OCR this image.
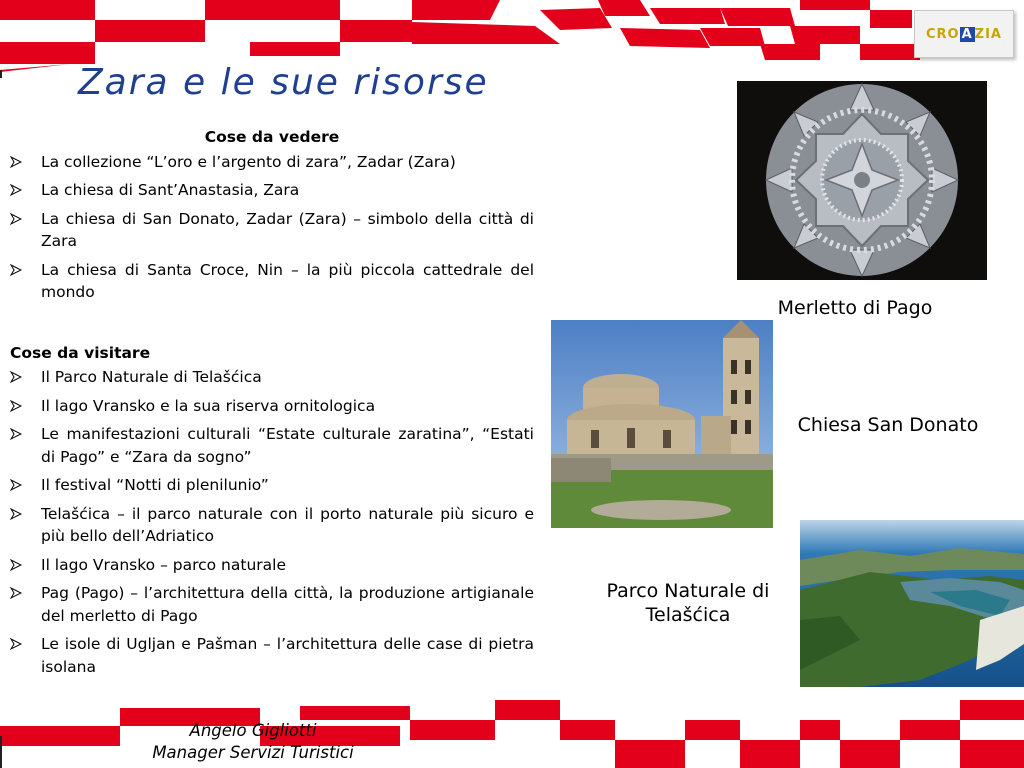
CRO A ZIA
Zara e le sue risorse

Cose da vedere

La collezione “L’oro e l’argento di zara”, Zadar (Zara)
La chiesa di Sant’Anastasia, Zara
La chiesa di San Donato, Zadar (Zara) – simbolo della città di Zara
La chiesa di Santa Croce, Nin – la più piccola cattedrale del mondo

Cose da visitare

Il Parco Naturale di Telašćica
Il lago Vransko e la sua riserva ornitologica
Le manifestazioni culturali “Estate culturale zaratina”, “Estati di Pago” e “Zara da sogno”
Il festival “Notti di plenilunio”
Telašćica – il parco naturale con il porto naturale più sicuro e più bello dell’Adriatico
Il lago Vransko – parco naturale
Pag (Pago) – l’architettura della città, la produzione artigianale del merletto di Pago
Le isole di Ugljan e Pašman – l’architettura delle case di pietra isolana
Merletto di Pago
Chiesa San Donato
Parco Naturale di Telašćica
Angelo Gigliotti
Manager Servizi Turistici
